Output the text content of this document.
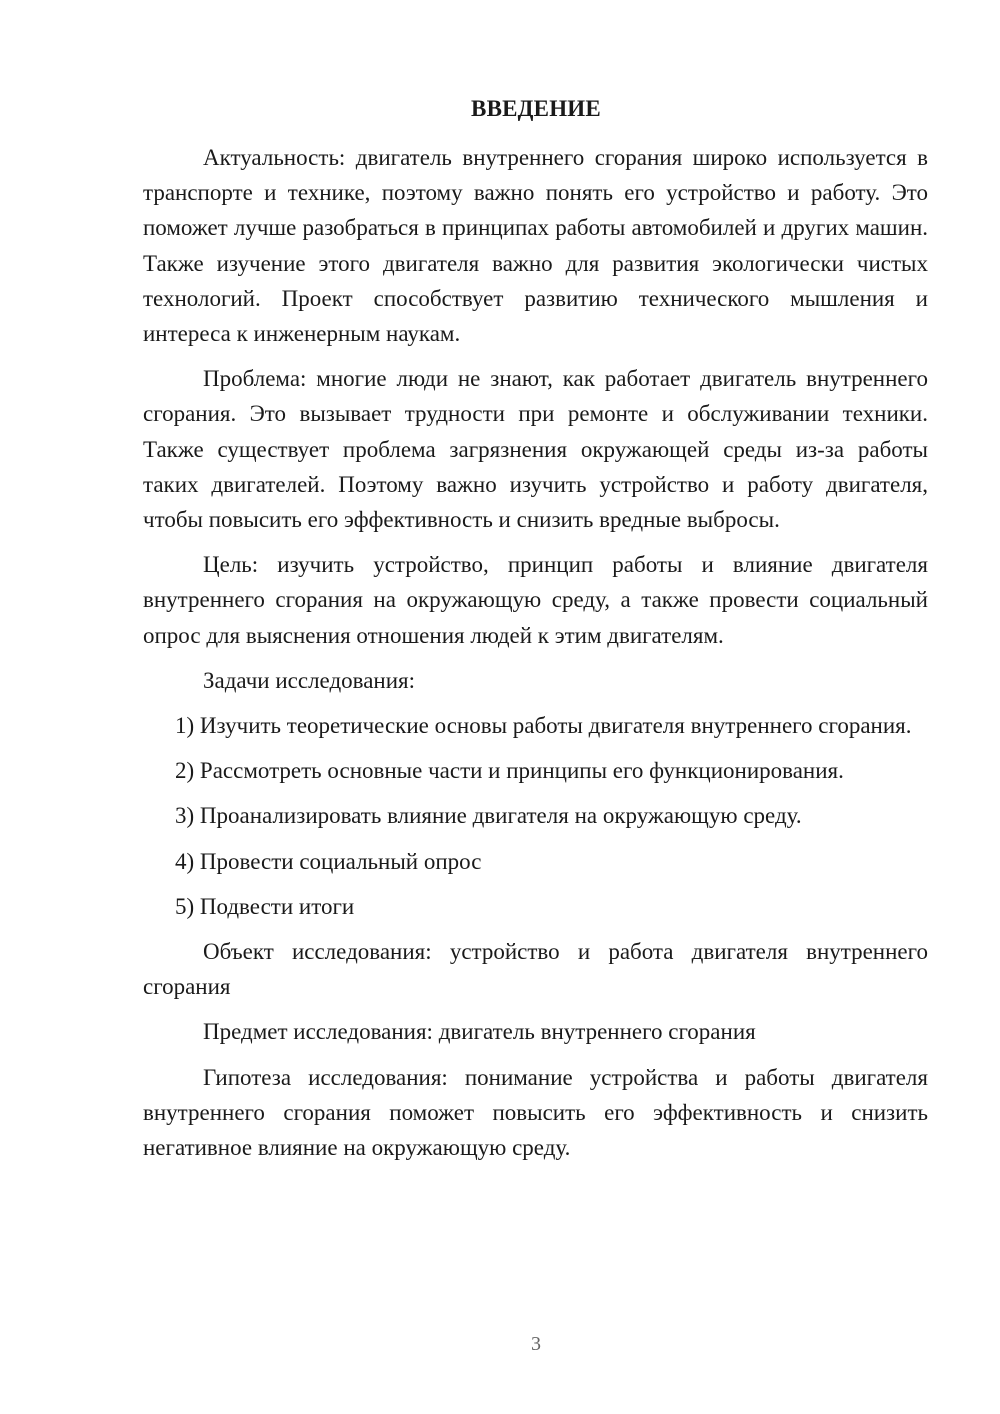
ВВЕДЕНИЕ

Актуальность: двигатель внутреннего сгорания широко используется в транспорте и технике, поэтому важно понять его устройство и работу. Это поможет лучше разобраться в принципах работы автомобилей и других машин. Также изучение этого двигателя важно для развития экологически чистых технологий. Проект способствует развитию технического мышления и интереса к инженерным наукам.

Проблема: многие люди не знают, как работает двигатель внутреннего сгорания. Это вызывает трудности при ремонте и обслуживании техники. Также существует проблема загрязнения окружающей среды из-за работы таких двигателей. Поэтому важно изучить устройство и работу двигателя, чтобы повысить его эффективность и снизить вредные выбросы.

Цель: изучить устройство, принцип работы и влияние двигателя внутреннего сгорания на окружающую среду, а также провести социальный опрос для выяснения отношения людей к этим двигателям.

Задачи исследования:

1) Изучить теоретические основы работы двигателя внутреннего сгорания.

2) Рассмотреть основные части и принципы его функционирования.

3) Проанализировать влияние двигателя на окружающую среду.

4) Провести социальный опрос

5) Подвести итоги

Объект исследования: устройство и работа двигателя внутреннего сгорания

Предмет исследования: двигатель внутреннего сгорания

Гипотеза исследования: понимание устройства и работы двигателя внутреннего сгорания поможет повысить его эффективность и снизить негативное влияние на окружающую среду.

3
